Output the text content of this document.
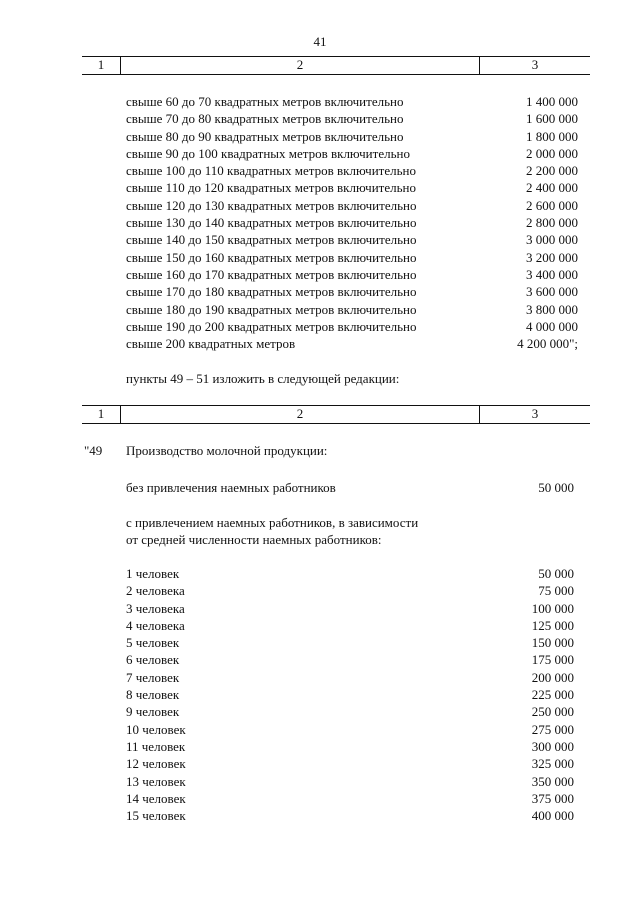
41
1	2	3
свыше 60 до 70 квадратных метров включительно	1 400 000
свыше 70 до 80 квадратных метров включительно	1 600 000
свыше 80 до 90 квадратных метров включительно	1 800 000
свыше 90 до 100 квадратных метров включительно	2 000 000
свыше 100 до 110 квадратных метров включительно	2 200 000
свыше 110 до 120 квадратных метров включительно	2 400 000
свыше 120 до 130 квадратных метров включительно	2 600 000
свыше 130 до 140 квадратных метров включительно	2 800 000
свыше 140 до 150 квадратных метров включительно	3 000 000
свыше 150 до 160 квадратных метров включительно	3 200 000
свыше 160 до 170 квадратных метров включительно	3 400 000
свыше 170 до 180 квадратных метров включительно	3 600 000
свыше 180 до 190 квадратных метров включительно	3 800 000
свыше 190 до 200 квадратных метров включительно	4 000 000
свыше 200 квадратных метров	4 200 000";
пункты 49 – 51 изложить в следующей редакции:
1	2	3
"49 Производство молочной продукции:
без привлечения наемных работников	50 000
с привлечением наемных работников, в зависимости
от средней численности наемных работников:
1 человек	50 000
2 человека	75 000
3 человека	100 000
4 человека	125 000
5 человек	150 000
6 человек	175 000
7 человек	200 000
8 человек	225 000
9 человек	250 000
10 человек	275 000
11 человек	300 000
12 человек	325 000
13 человек	350 000
14 человек	375 000
15 человек	400 000
